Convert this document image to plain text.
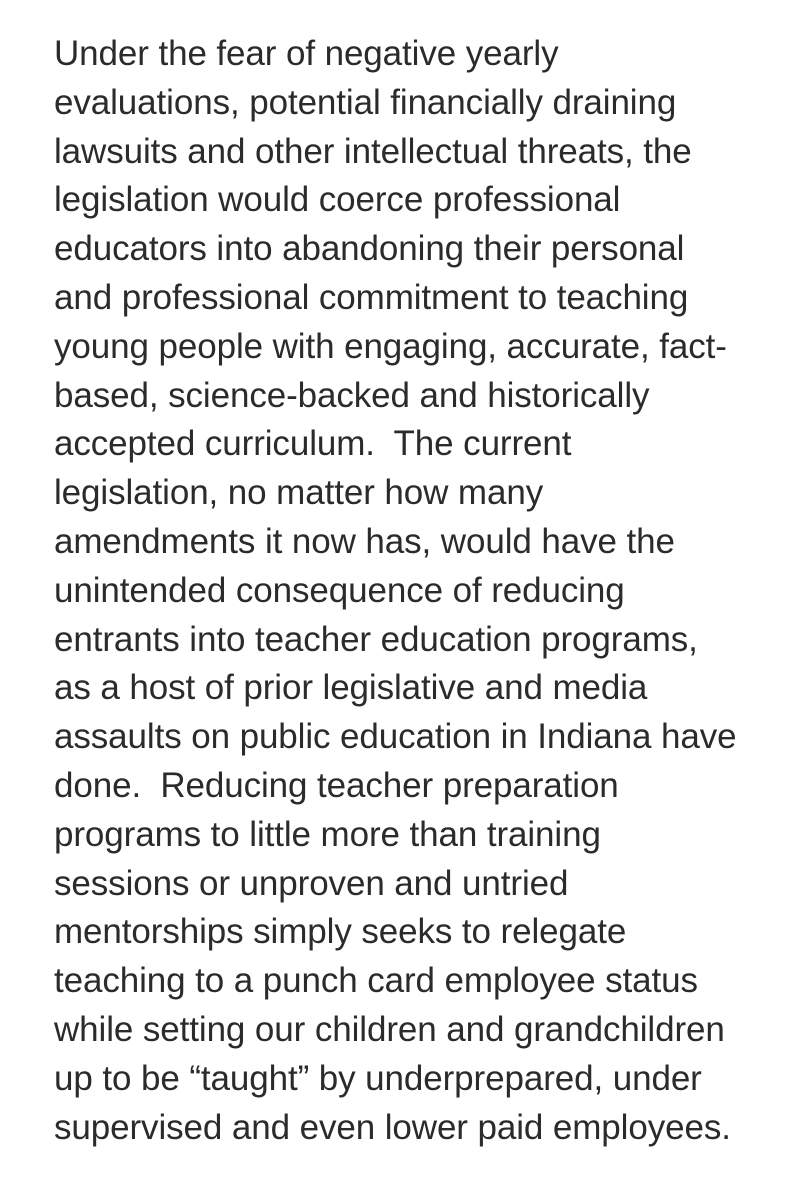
Under the fear of negative yearly
evaluations, potential financially draining
lawsuits and other intellectual threats, the
legislation would coerce professional
educators into abandoning their personal
and professional commitment to teaching
young people with engaging, accurate, fact-
based, science-backed and historically
accepted curriculum.  The current
legislation, no matter how many
amendments it now has, would have the
unintended consequence of reducing
entrants into teacher education programs,
as a host of prior legislative and media
assaults on public education in Indiana have
done.  Reducing teacher preparation
programs to little more than training
sessions or unproven and untried
mentorships simply seeks to relegate
teaching to a punch card employee status
while setting our children and grandchildren
up to be “taught” by underprepared, under
supervised and even lower paid employees.
